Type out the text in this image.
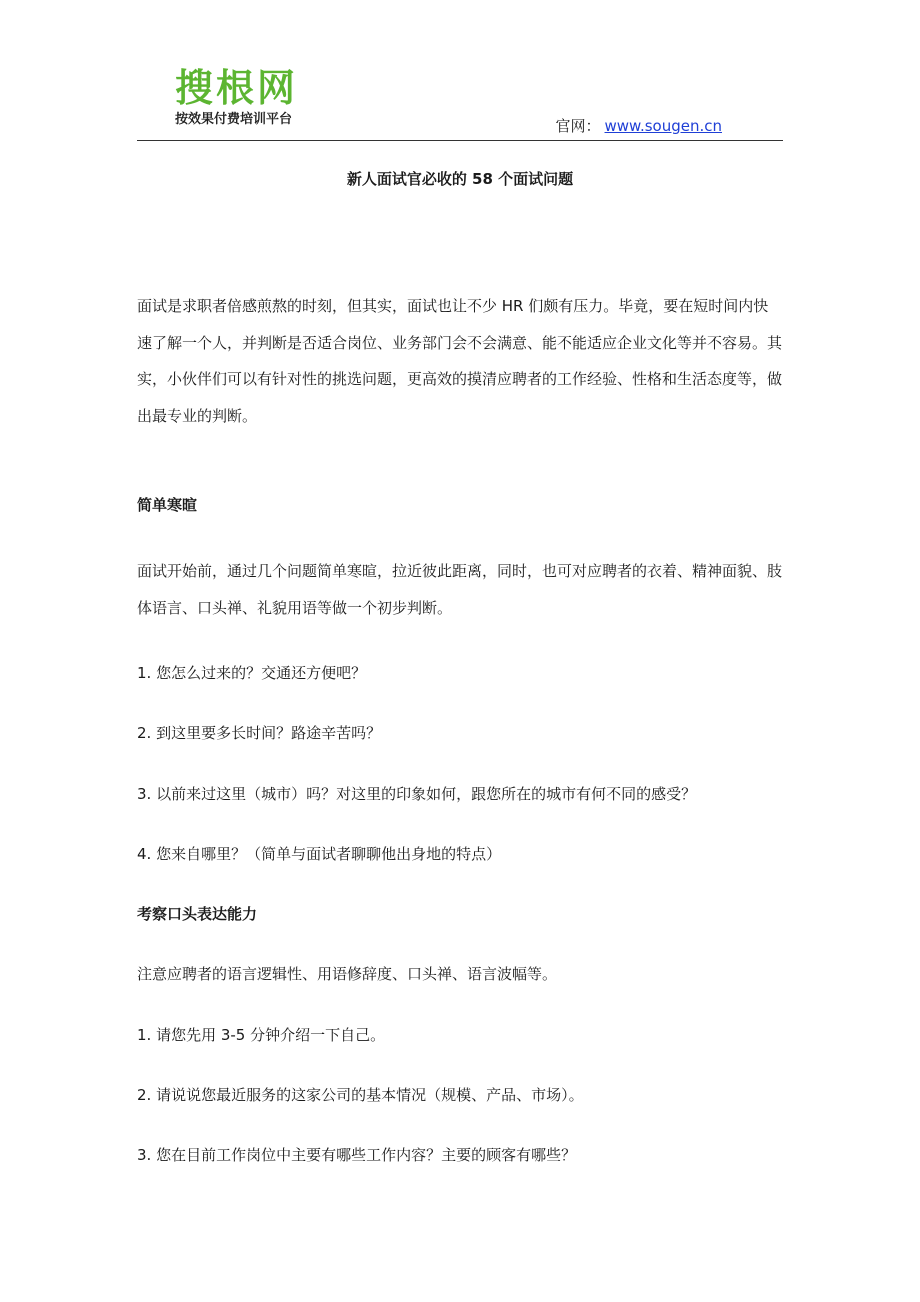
搜根网
按效果付费培训平台	官网： www.sougen.cn
新人面试官必收的 58 个面试问题
面试是求职者倍感煎熬的时刻，但其实，面试也让不少 HR 们颇有压力。毕竟，要在短时间内快速了解一个人，并判断是否适合岗位、业务部门会不会满意、能不能适应企业文化等并不容易。其实，小伙伴们可以有针对性的挑选问题，更高效的摸清应聘者的工作经验、性格和生活态度等，做出最专业的判断。
简单寒暄
面试开始前，通过几个问题简单寒暄，拉近彼此距离，同时，也可对应聘者的衣着、精神面貌、肢体语言、口头禅、礼貌用语等做一个初步判断。
1. 您怎么过来的？交通还方便吧？
2. 到这里要多长时间？路途辛苦吗？
3. 以前来过这里（城市）吗？对这里的印象如何，跟您所在的城市有何不同的感受？
4. 您来自哪里？（简单与面试者聊聊他出身地的特点）
考察口头表达能力
注意应聘者的语言逻辑性、用语修辞度、口头禅、语言波幅等。
1. 请您先用 3-5 分钟介绍一下自己。
2. 请说说您最近服务的这家公司的基本情况（规模、产品、市场）。
3. 您在目前工作岗位中主要有哪些工作内容？主要的顾客有哪些？
